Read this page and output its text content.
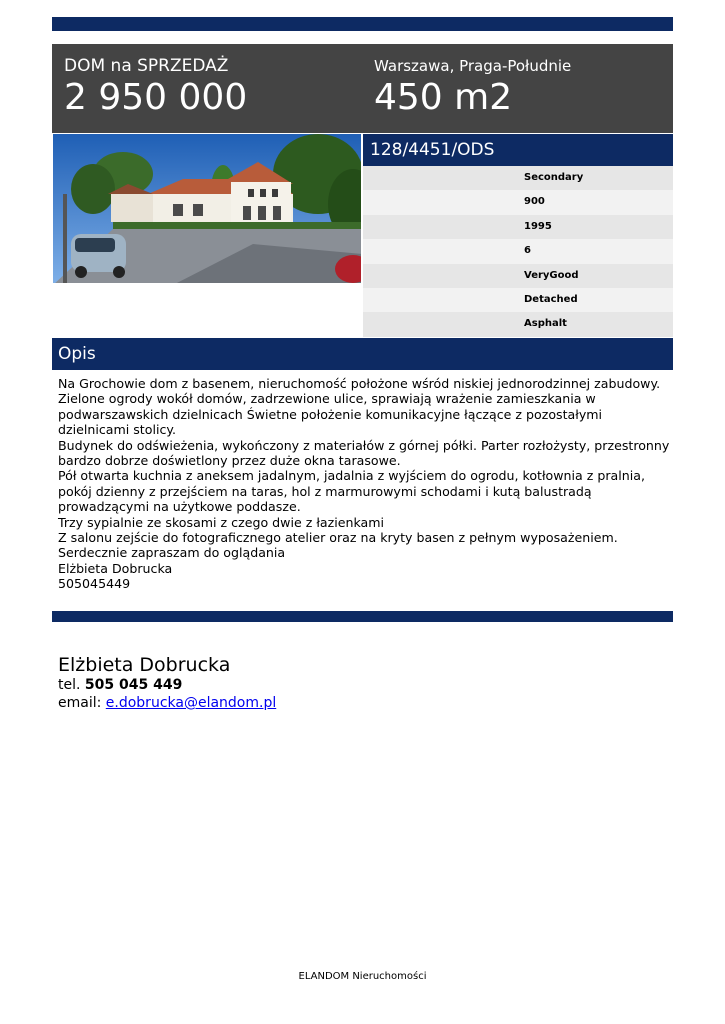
DOM na SPRZEDAŻ
2 950 000
Warszawa, Praga-Południe
450 m2
128/4451/ODS
Secondary
900
1995
6
VeryGood
Detached
Asphalt
Opis

Na Grochowie dom z basenem, nieruchomość położone wśród niskiej jednorodzinnej zabudowy. Zielone ogrody wokół domów, zadrzewione ulice, sprawiają wrażenie zamieszkania w podwarszawskich dzielnicach Świetne położenie komunikacyjne łączące z pozostałymi dzielnicami stolicy.

Budynek do odświeżenia, wykończony z materiałów z górnej półki. Parter rozłożysty, przestronny bardzo dobrze doświetlony przez duże okna tarasowe.

Pół otwarta kuchnia z aneksem jadalnym, jadalnia z wyjściem do ogrodu, kotłownia z pralnia, pokój dzienny z przejściem na taras, hol z marmurowymi schodami i kutą balustradą prowadzącymi na użytkowe poddasze.

Trzy sypialnie ze skosami z czego dwie z łazienkami

Z salonu zejście do fotograficznego atelier oraz na kryty basen z pełnym wyposażeniem.

Serdecznie zapraszam do oglądania

Elżbieta Dobrucka

505045449

Elżbieta Dobrucka
tel. 505 045 449
email: e.dobrucka@elandom.pl
ELANDOM Nieruchomości
